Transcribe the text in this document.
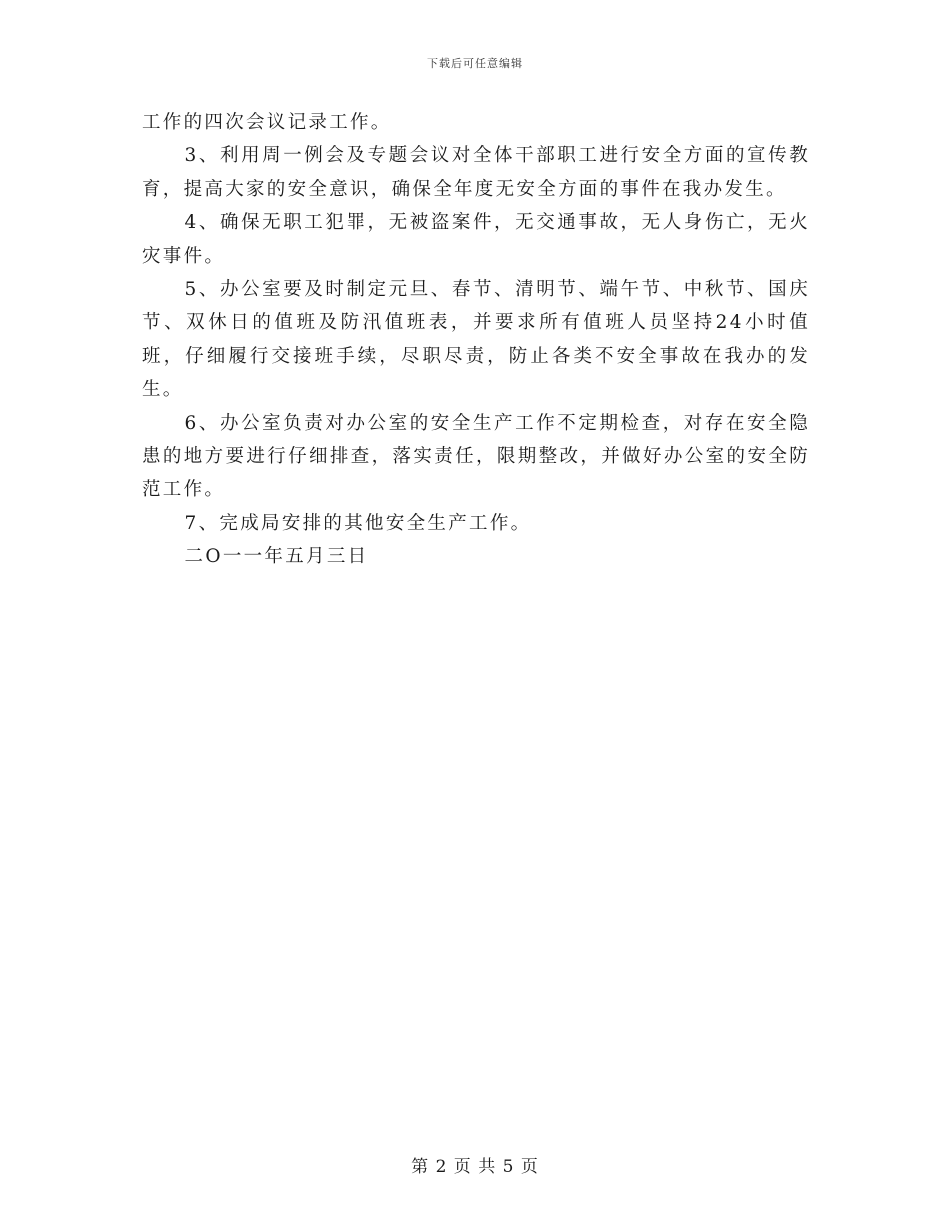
下载后可任意编辑

工作的四次会议记录工作。

3、利用周一例会及专题会议对全体干部职工进行安全方面的宣传教育，提高大家的安全意识，确保全年度无安全方面的事件在我办发生。

4、确保无职工犯罪，无被盗案件，无交通事故，无人身伤亡，无火灾事件。

5、办公室要及时制定元旦、春节、清明节、端午节、中秋节、国庆节、双休日的值班及防汛值班表，并要求所有值班人员坚持24小时值班，仔细履行交接班手续，尽职尽责，防止各类不安全事故在我办的发生。

6、办公室负责对办公室的安全生产工作不定期检查，对存在安全隐患的地方要进行仔细排查，落实责任，限期整改，并做好办公室的安全防范工作。

7、完成局安排的其他安全生产工作。

二O一一年五月三日

第 2 页 共 5 页
